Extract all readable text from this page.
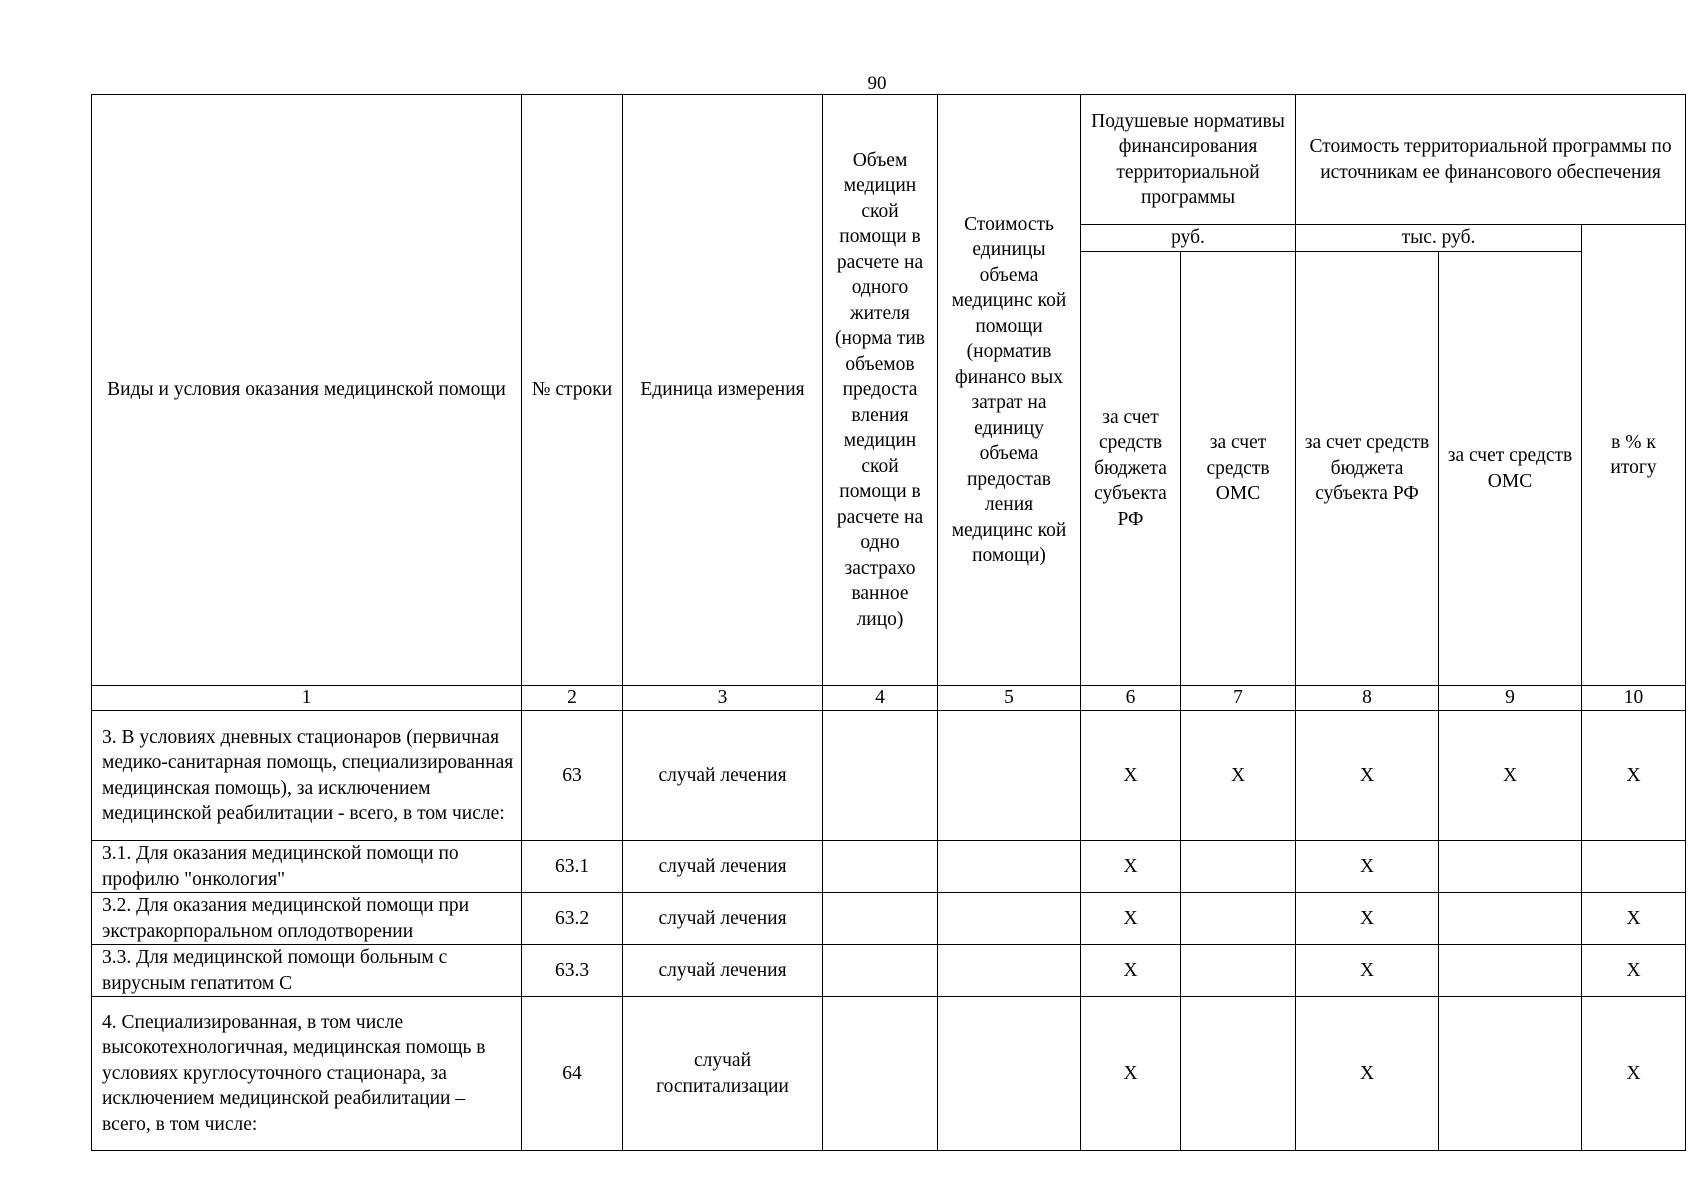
90
Виды и условия оказания медицинской помощи	№ строки	Единица измерения	Объем медицин ской помощи в расчете на одного жителя (норма тив объемов предоста вления медицин ской помощи в расчете на одно застрахо ванное лицо)	Стоимость единицы объема медицинс кой помощи (норматив финансо вых затрат на единицу объема предостав ления медицинс кой помощи)	Подушевые нормативы финансирования территориальной программы		Стоимость территориальной программы по источникам ее финансового обеспечения		
					руб.		тыс. руб.		в % к итогу
					за счет средств бюджета субъекта РФ	за счет средств ОМС	за счет средств бюджета субъекта РФ	за счет средств ОМС	
1	2	3	4	5	6	7	8	9	10
3. В условиях дневных стационаров (первичная медико-санитарная помощь, специализированная медицинская помощь), за исключением медицинской реабилитации - всего, в том числе:	63	случай лечения			X	X	X	X	X
3.1. Для оказания медицинской помощи по профилю "онкология"	63.1	случай лечения			X		X		
3.2. Для оказания медицинской помощи при экстракорпоральном оплодотворении	63.2	случай лечения			X		X		X
3.3. Для медицинской помощи больным с вирусным гепатитом С	63.3	случай лечения			X		X		X
4. Специализированная, в том числе высокотехнологичная, медицинская помощь в условиях круглосуточного стационара, за исключением медицинской реабилитации – всего, в том числе:	64	случай госпитализации			X		X		X
